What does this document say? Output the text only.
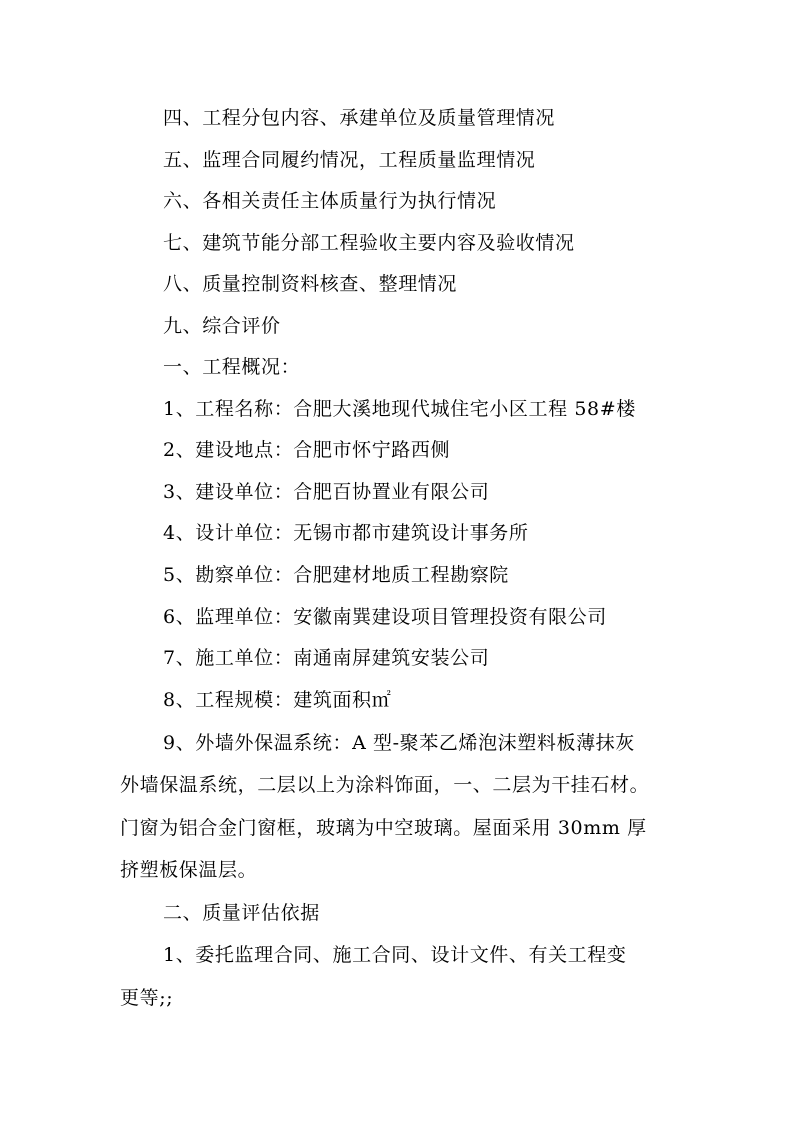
四、工程分包内容、承建单位及质量管理情况
五、监理合同履约情况，工程质量监理情况
六、各相关责任主体质量行为执行情况
七、建筑节能分部工程验收主要内容及验收情况
八、质量控制资料核查、整理情况
九、综合评价
一、工程概况：
1、工程名称：合肥大溪地现代城住宅小区工程 58#楼
2、建设地点：合肥市怀宁路西侧
3、建设单位：合肥百协置业有限公司
4、设计单位：无锡市都市建筑设计事务所
5、勘察单位：合肥建材地质工程勘察院
6、监理单位：安徽南巽建设项目管理投资有限公司
7、施工单位：南通南屏建筑安装公司
8、工程规模：建筑面积㎡
9、外墙外保温系统：A 型-聚苯乙烯泡沫塑料板薄抹灰
外墙保温系统，二层以上为涂料饰面，一、二层为干挂石材。
门窗为铝合金门窗框，玻璃为中空玻璃。屋面采用 30mm 厚
挤塑板保温层。
二、质量评估依据
1、委托监理合同、施工合同、设计文件、有关工程变
更等;;
